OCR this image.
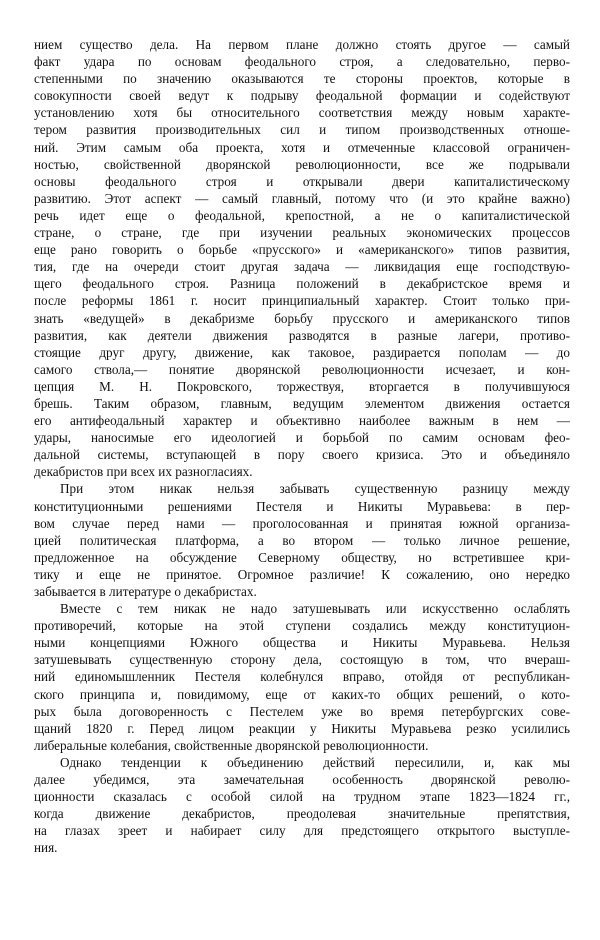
нием существо дела. На первом плане должно стоять другое — самый
факт удара по основам феодального строя, а следовательно, перво-
степенными по значению оказываются те стороны проектов, которые в
совокупности своей ведут к подрыву феодальной формации и содействуют
установлению хотя бы относительного соответствия между новым характе-
тером развития производительных сил и типом производственных отноше-
ний. Этим самым оба проекта, хотя и отмеченные классовой ограничен-
ностью, свойственной дворянской революционности, все же подрывали
основы феодального строя и открывали двери капиталистическому
развитию. Этот аспект — самый главный, потому что (и это крайне важно)
речь идет еще о феодальной, крепостной, а не о капиталистической
стране, о стране, где при изучении реальных экономических процессов
еще рано говорить о борьбе «прусского» и «американского» типов развития,
тия, где на очереди стоит другая задача — ликвидация еще господствую-
щего феодального строя. Разница положений в декабристское время и
после реформы 1861 г. носит принципиальный характер. Стоит только при-
знать «ведущей» в декабризме борьбу прусского и американского типов
развития, как деятели движения разводятся в разные лагери, противо-
стоящие друг другу, движение, как таковое, раздирается пополам — до
самого ствола,— понятие дворянской революционности исчезает, и кон-
цепция М. Н. Покровского, торжествуя, вторгается в получившуюся
брешь. Таким образом, главным, ведущим элементом движения остается
его антифеодальный характер и объективно наиболее важным в нем —
удары, наносимые его идеологией и борьбой по самим основам фео-
дальной системы, вступающей в пору своего кризиса. Это и объединяло
декабристов при всех их разногласиях.
При этом никак нельзя забывать существенную разницу между
конституционными решениями Пестеля и Никиты Муравьева: в пер-
вом случае перед нами — проголосованная и принятая южной организа-
цией политическая платформа, а во втором — только личное решение,
предложенное на обсуждение Северному обществу, но встретившее кри-
тику и еще не принятое. Огромное различие! К сожалению, оно нередко
забывается в литературе о декабристах.
Вместе с тем никак не надо затушевывать или искусственно ослаблять
противоречий, которые на этой ступени создались между конституцион-
ными концепциями Южного общества и Никиты Муравьева. Нельзя
затушевывать существенную сторону дела, состоящую в том, что вчераш-
ний единомышленник Пестеля колебнулся вправо, отойдя от республикан-
ского принципа и, повидимому, еще от каких-то общих решений, о кото-
рых была договоренность с Пестелем уже во время петербургских сове-
щаний 1820 г. Перед лицом реакции у Никиты Муравьева резко усилились
либеральные колебания, свойственные дворянской революционности.
Однако тенденции к объединению действий пересилили, и, как мы
далее убедимся, эта замечательная особенность дворянской револю-
ционности сказалась с особой силой на трудном этапе 1823—1824 гг.,
когда движение декабристов, преодолевая значительные препятствия,
на глазах зреет и набирает силу для предстоящего открытого выступле-
ния.
